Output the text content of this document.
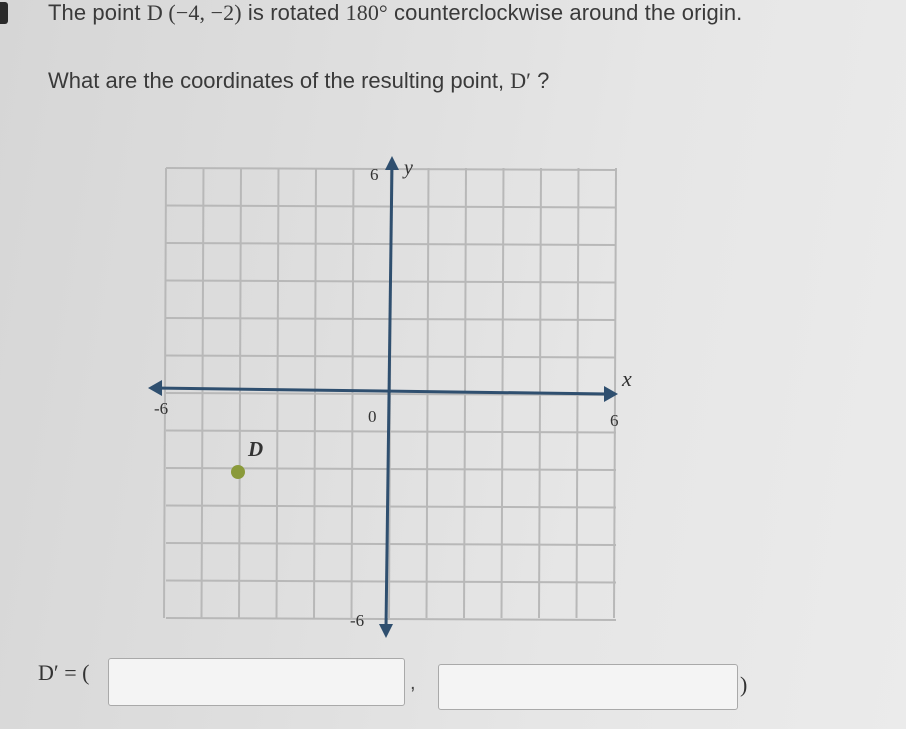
The point D (−4, −2) is rotated 180° counterclockwise around the origin.
What are the coordinates of the resulting point, D′ ?
-6
6
0
6
-6
x
y
D
D′ = (	,	)
